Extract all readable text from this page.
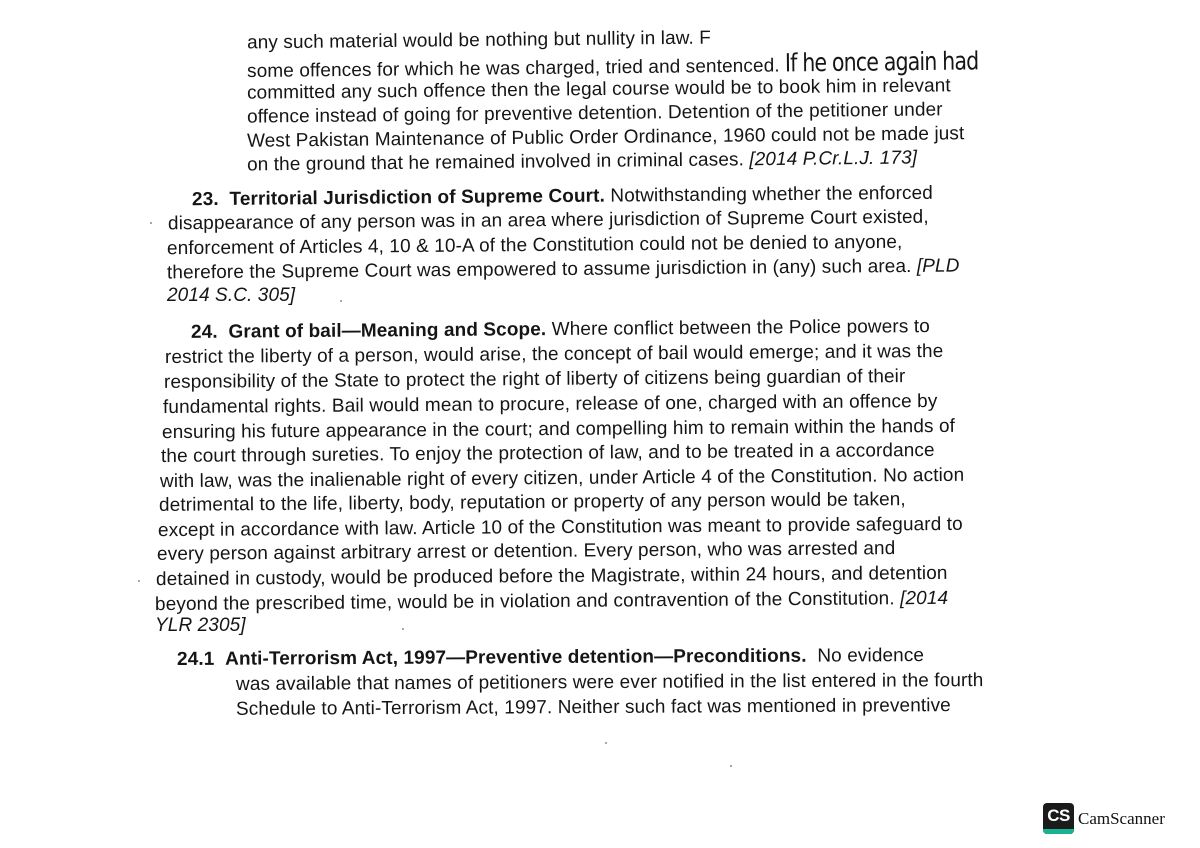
any such material would be nothing but nullity in law. F
some offences for which he was charged, tried and sentenced. If he once again had
committed any such offence then the legal course would be to book him in relevant
offence instead of going for preventive detention. Detention of the petitioner under
West Pakistan Maintenance of Public Order Ordinance, 1960 could not be made just
on the ground that he remained involved in criminal cases. [2014 P.Cr.L.J. 173]
23. Territorial Jurisdiction of Supreme Court. Notwithstanding whether the enforced
disappearance of any person was in an area where jurisdiction of Supreme Court existed,
enforcement of Articles 4, 10 & 10-A of the Constitution could not be denied to anyone,
therefore the Supreme Court was empowered to assume jurisdiction in (any) such area. [PLD
2014 S.C. 305]
24. Grant of bail—Meaning and Scope. Where conflict between the Police powers to
restrict the liberty of a person, would arise, the concept of bail would emerge; and it was the
responsibility of the State to protect the right of liberty of citizens being guardian of their
fundamental rights. Bail would mean to procure, release of one, charged with an offence by
ensuring his future appearance in the court; and compelling him to remain within the hands of
the court through sureties. To enjoy the protection of law, and to be treated in a accordance
with law, was the inalienable right of every citizen, under Article 4 of the Constitution. No action
detrimental to the life, liberty, body, reputation or property of any person would be taken,
except in accordance with law. Article 10 of the Constitution was meant to provide safeguard to
every person against arbitrary arrest or detention. Every person, who was arrested and
detained in custody, would be produced before the Magistrate, within 24 hours, and detention
beyond the prescribed time, would be in violation and contravention of the Constitution. [2014
YLR 2305]
24.1 Anti-Terrorism Act, 1997—Preventive detention—Preconditions. No evidence
was available that names of petitioners were ever notified in the list entered in the fourth
Schedule to Anti-Terrorism Act, 1997. Neither such fact was mentioned in preventive
CS CamScanner
